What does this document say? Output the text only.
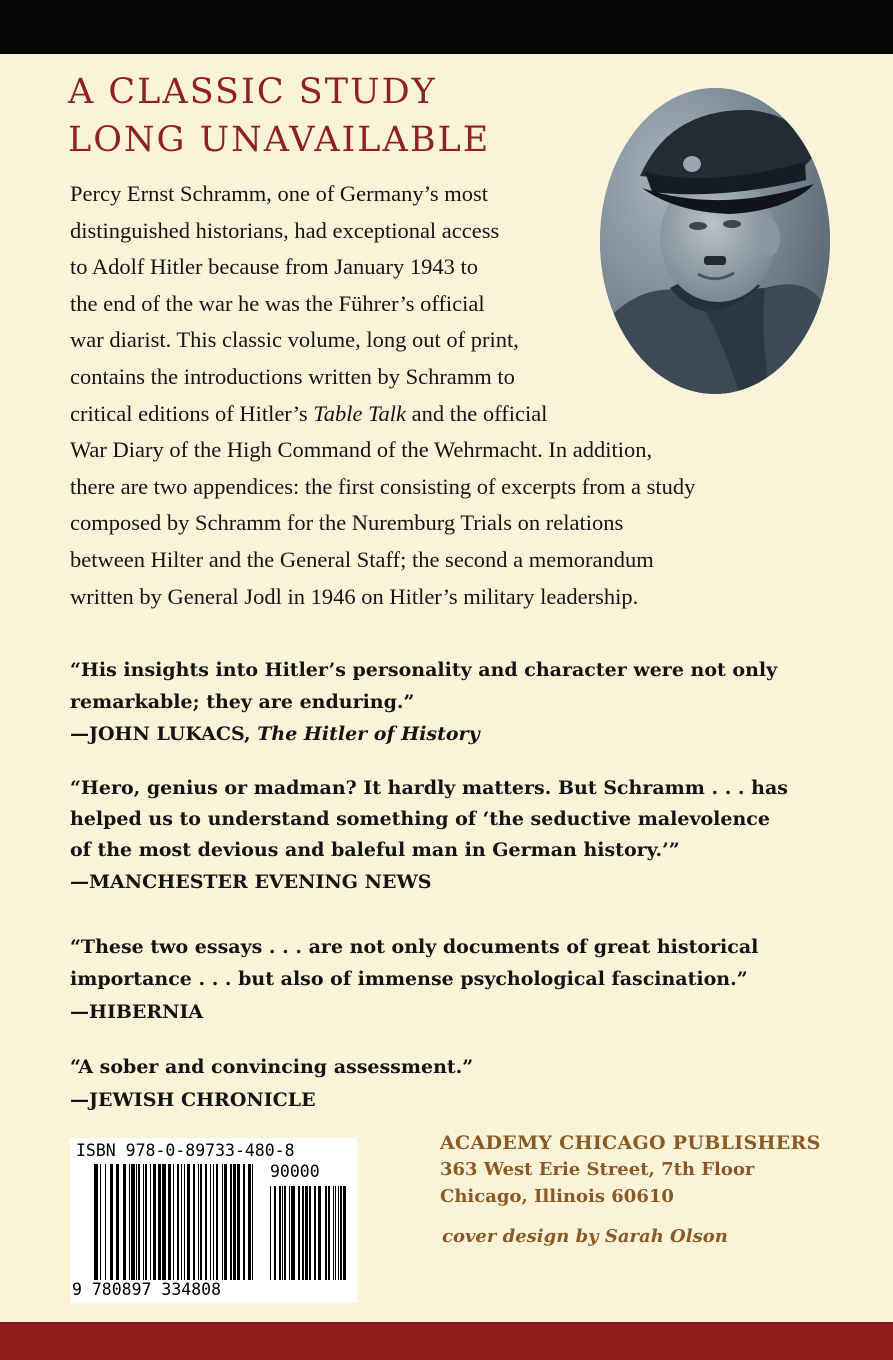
A CLASSIC STUDY
LONG UNAVAILABLE
Percy Ernst Schramm, one of Germany’s most
distinguished historians, had exceptional access
to Adolf Hitler because from January 1943 to
the end of the war he was the Führer’s official
war diarist. This classic volume, long out of print,
contains the introductions written by Schramm to
critical editions of Hitler’s Table Talk and the official
War Diary of the High Command of the Wehrmacht. In addition,
there are two appendices: the first consisting of excerpts from a study
composed by Schramm for the Nuremburg Trials on relations
between Hilter and the General Staff; the second a memorandum
written by General Jodl in 1946 on Hitler’s military leadership.
“His insights into Hitler’s personality and character were not only
remarkable; they are enduring.”
—JOHN LUKACS, The Hitler of History
“Hero, genius or madman? It hardly matters. But Schramm . . . has
helped us to understand something of ‘the seductive malevolence
of the most devious and baleful man in German history.’”
—MANCHESTER EVENING NEWS
“These two essays . . . are not only documents of great historical
importance . . . but also of immense psychological fascination.”
—HIBERNIA
“A sober and convincing assessment.”
—JEWISH CHRONICLE
ISBN 978-0-89733-480-8
90000
9 780897 334808
ACADEMY CHICAGO PUBLISHERS
363 West Erie Street, 7th Floor
Chicago, Illinois 60610
cover design by Sarah Olson
